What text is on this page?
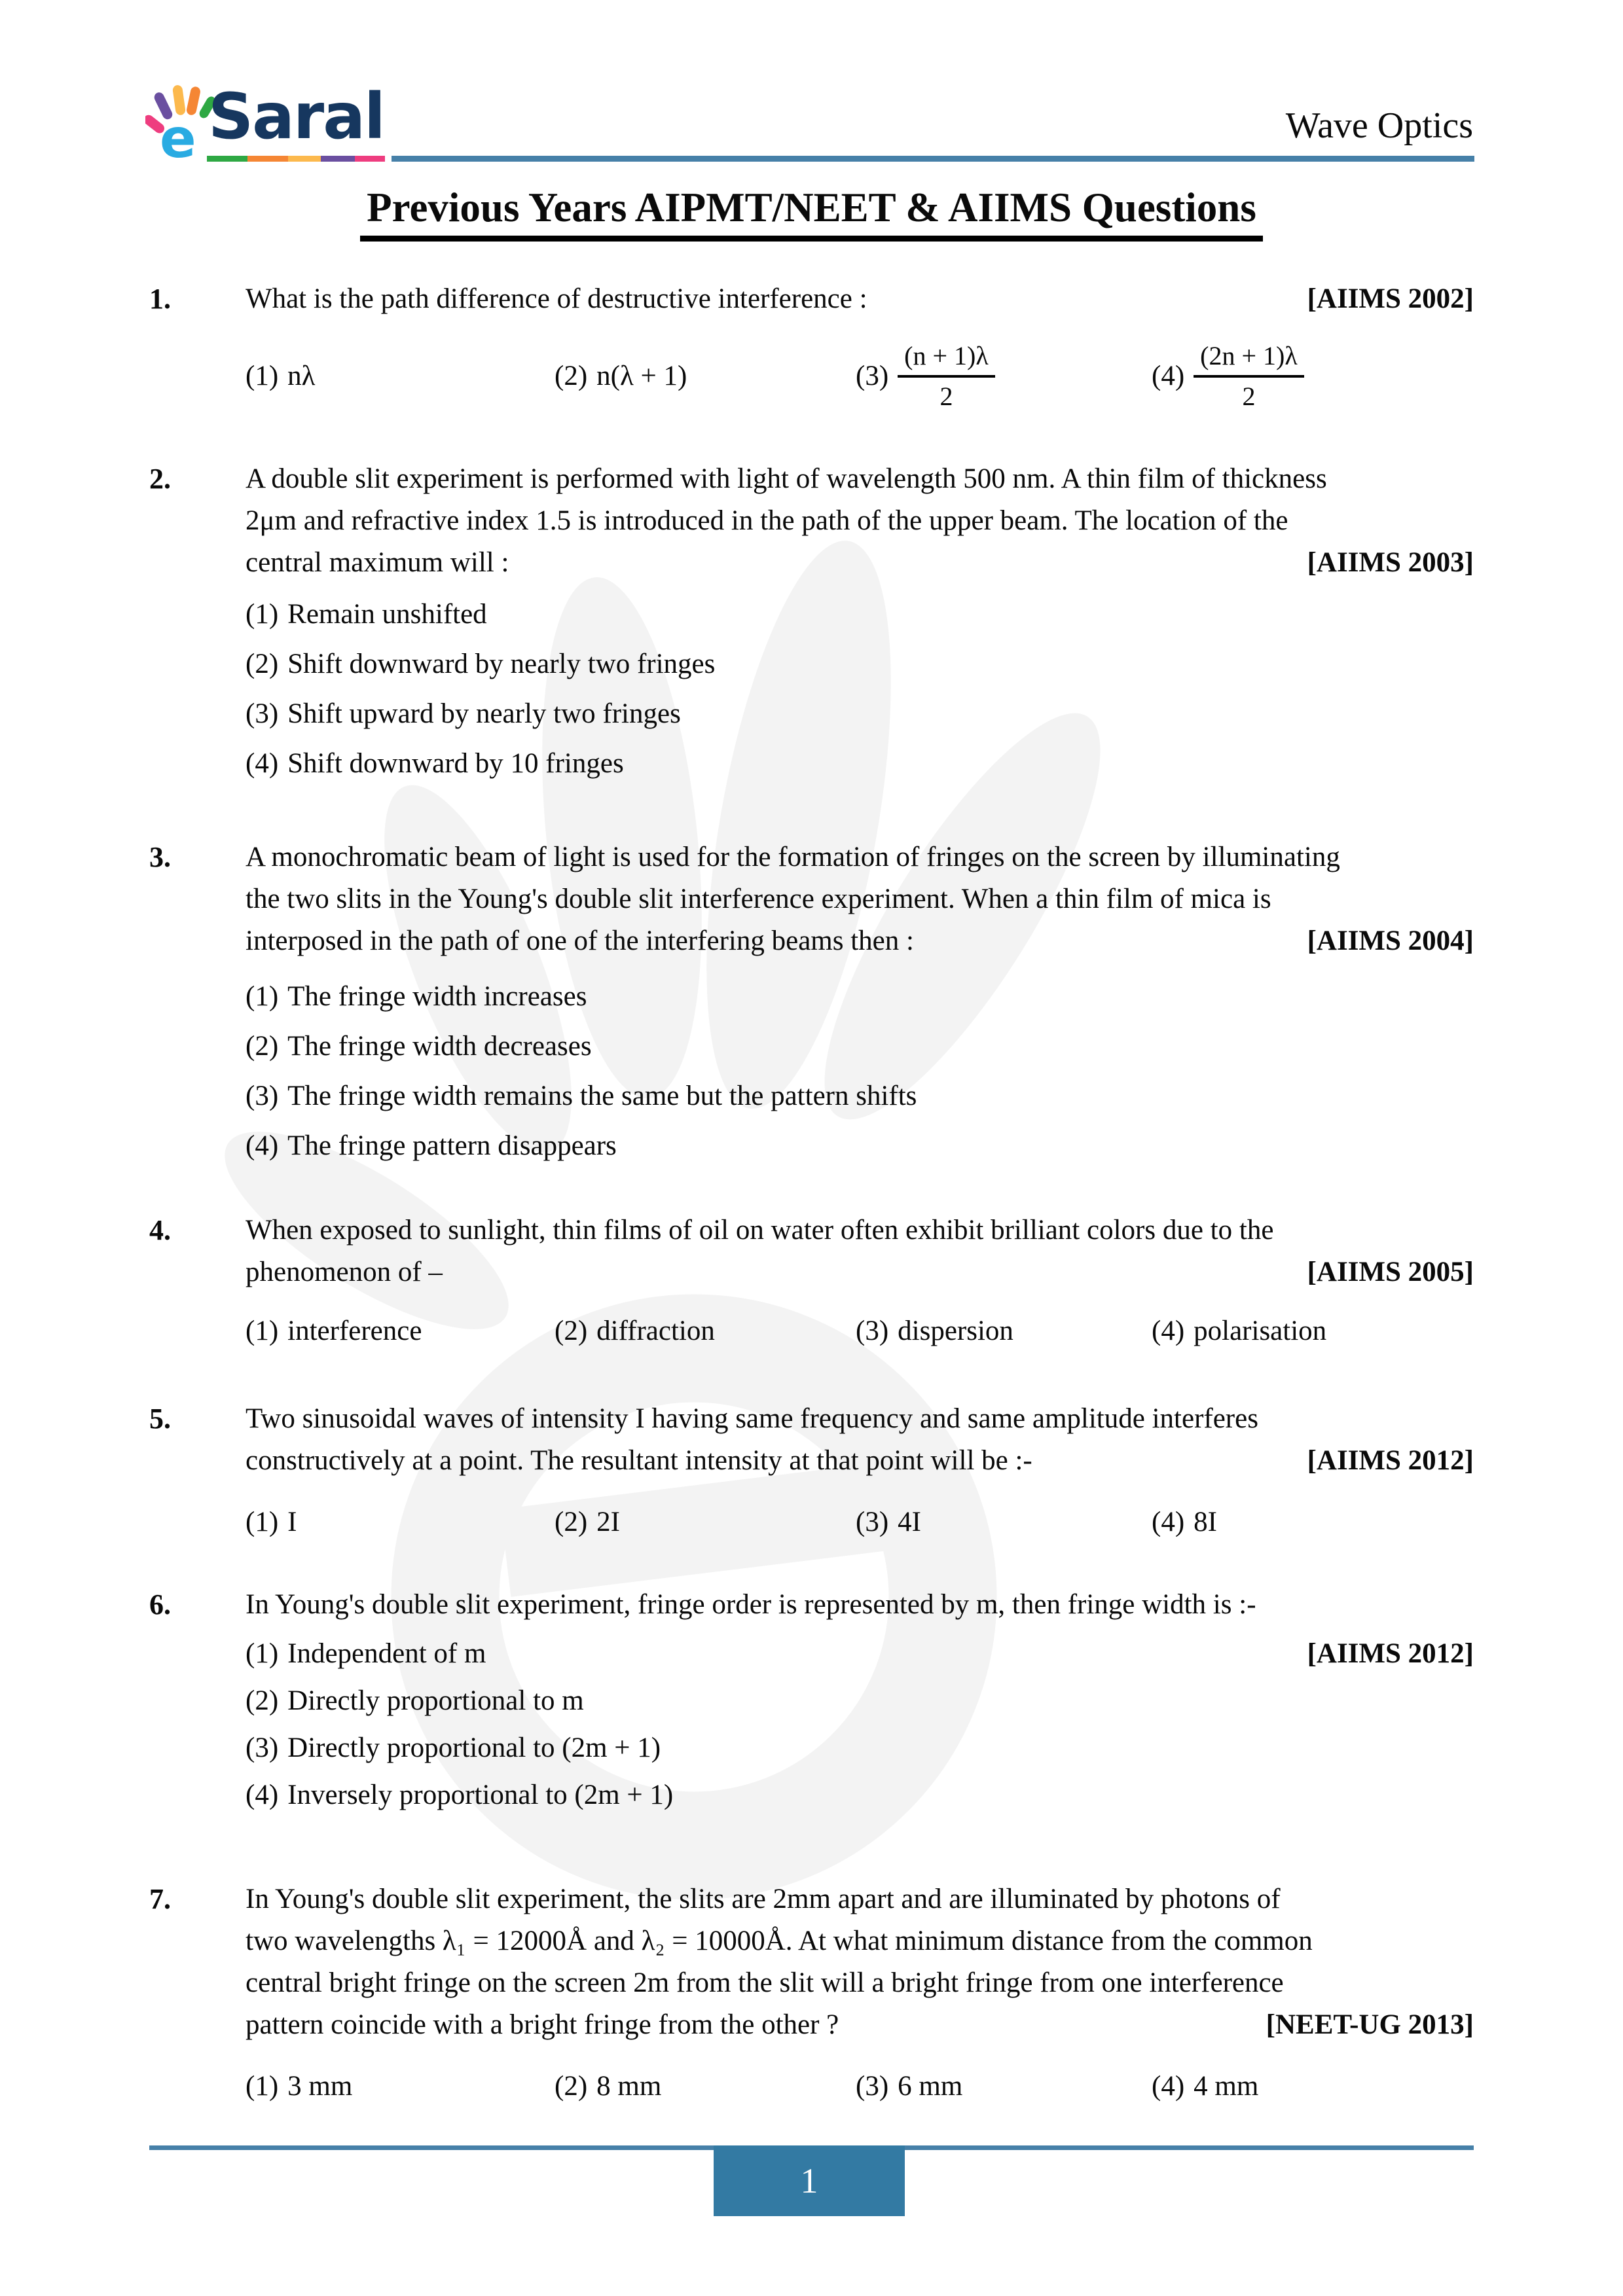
e Saral	Wave Optics
Previous Years AIPMT/NEET & AIIMS Questions
1.	What is the path difference of destructive interference :	[AIIMS 2002]
(1) nλ	(2) n(λ + 1)	$(3) \frac{(n + 1)\lambda}{2}$	$(4) \frac{(2n + 1)\lambda}{2}$
2.	A double slit experiment is performed with light of wavelength 500 nm. A thin film of thickness
2μm and refractive index 1.5 is introduced in the path of the upper beam. The location of the
central maximum will :	[AIIMS 2003]
(1) Remain unshifted
(2) Shift downward by nearly two fringes
(3) Shift upward by nearly two fringes
(4) Shift downward by 10 fringes
3.	A monochromatic beam of light is used for the formation of fringes on the screen by illuminating
the two slits in the Young's double slit interference experiment. When a thin film of mica is
interposed in the path of one of the interfering beams then :	[AIIMS 2004]
(1) The fringe width increases
(2) The fringe width decreases
(3) The fringe width remains the same but the pattern shifts
(4) The fringe pattern disappears
4.	When exposed to sunlight, thin films of oil on water often exhibit brilliant colors due to the
phenomenon of –	[AIIMS 2005]
(1) interference	(2) diffraction	(3) dispersion	(4) polarisation
5.	Two sinusoidal waves of intensity I having same frequency and same amplitude interferes
constructively at a point. The resultant intensity at that point will be :-	[AIIMS 2012]
(1) I	(2) 2I	(3) 4I	(4) 8I
6.	In Young's double slit experiment, fringe order is represented by m, then fringe width is :-
(1) Independent of m	[AIIMS 2012]
(2) Directly proportional to m
(3) Directly proportional to (2m + 1)
(4) Inversely proportional to (2m + 1)
7.	In Young's double slit experiment, the slits are 2mm apart and are illuminated by photons of
two wavelengths λ₁ = 12000Å and λ₂ = 10000Å. At what minimum distance from the common
central bright fringe on the screen 2m from the slit will a bright fringe from one interference
pattern coincide with a bright fringe from the other ?	[NEET-UG 2013]
(1) 3 mm	(2) 8 mm	(3) 6 mm	(4) 4 mm
1
